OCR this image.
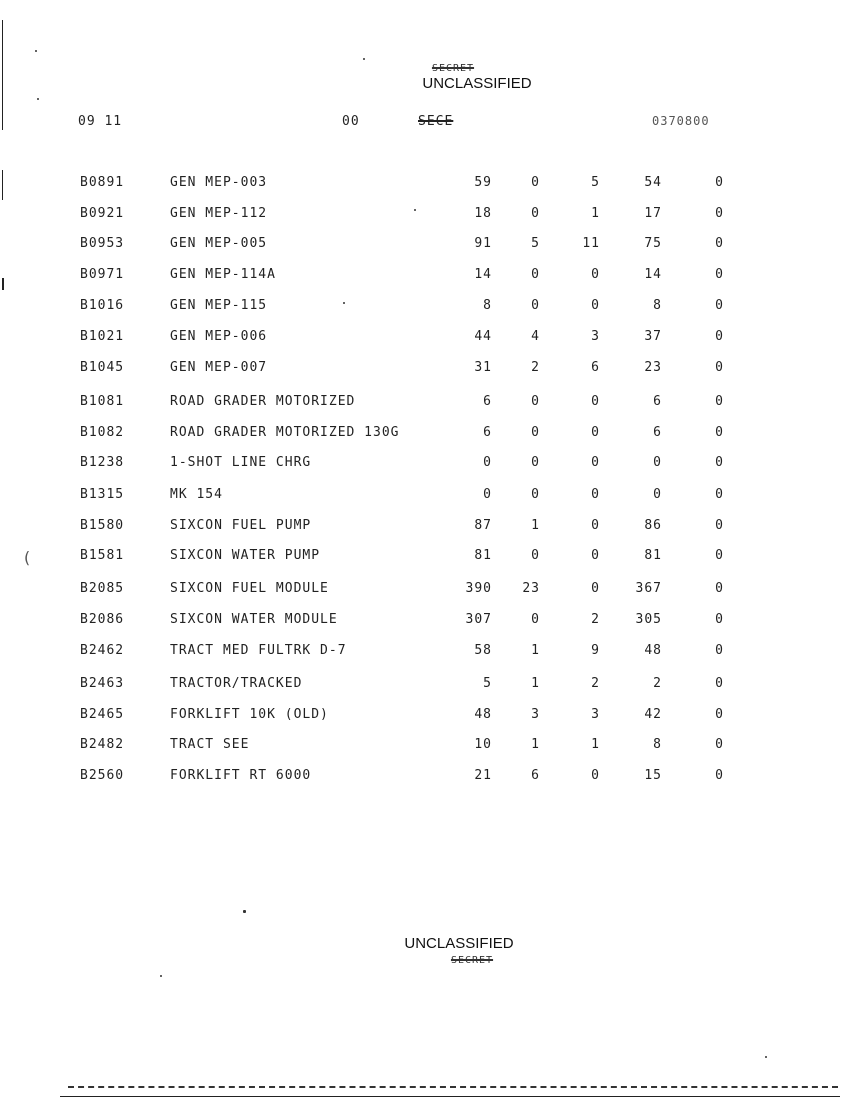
SECRET
UNCLASSIFIED
09 11	00	SECE	0370800
B0891	GEN MEP-003	59	0	5	54	0
B0921	GEN MEP-112	18	0	1	17	0
B0953	GEN MEP-005	91	5	11	75	0
B0971	GEN MEP-114A	14	0	0	14	0
B1016	GEN MEP-115	8	0	0	8	0
B1021	GEN MEP-006	44	4	3	37	0
B1045	GEN MEP-007	31	2	6	23	0
B1081	ROAD GRADER MOTORIZED	6	0	0	6	0
B1082	ROAD GRADER MOTORIZED 130G	6	0	0	6	0
B1238	1-SHOT LINE CHRG	0	0	0	0	0
B1315	MK 154	0	0	0	0	0
B1580	SIXCON FUEL PUMP	87	1	0	86	0
B1581	SIXCON WATER PUMP	81	0	0	81	0
B2085	SIXCON FUEL MODULE	390	23	0	367	0
B2086	SIXCON WATER MODULE	307	0	2	305	0
B2462	TRACT MED FULTRK D-7	58	1	9	48	0
B2463	TRACTOR/TRACKED	5	1	2	2	0
B2465	FORKLIFT 10K (OLD)	48	3	3	42	0
B2482	TRACT SEE	10	1	1	8	0
B2560	FORKLIFT RT 6000	21	6	0	15	0
UNCLASSIFIED
SECRET
(
